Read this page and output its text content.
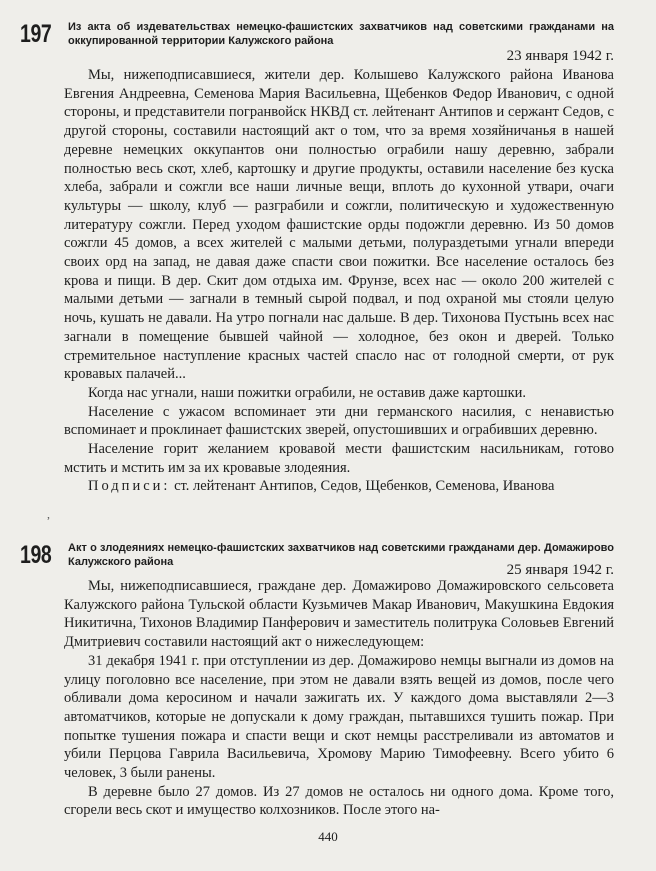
197 Из акта об издевательствах немецко-фашистских захватчиков над советскими гражданами на оккупированной территории Калужского района
23 января 1942 г.

Мы, нижеподписавшиеся, жители дер. Колышево Калужского района Иванова Евгения Андреевна, Семенова Мария Васильевна, Щебенков Федор Иванович, с одной стороны, и представители погранвойск НКВД ст. лейтенант Антипов и сержант Седов, с другой стороны, составили настоящий акт о том, что за время хозяйничанья в нашей деревне немецких оккупантов они полностью ограбили нашу деревню, забрали полностью весь скот, хлеб, картошку и другие продукты, оставили население без куска хлеба, забрали и сожгли все наши личные вещи, вплоть до кухонной утвари, очаги культуры — школу, клуб — разграбили и сожгли, политическую и художественную литературу сожгли. Перед уходом фашистские орды подожгли деревню. Из 50 домов сожгли 45 домов, а всех жителей с малыми детьми, полураздетыми угнали впереди своих орд на запад, не давая даже спасти свои пожитки. Все население осталось без крова и пищи. В дер. Скит дом отдыха им. Фрунзе, всех нас — около 200 жителей с малыми детьми — загнали в темный сырой подвал, и под охраной мы стояли целую ночь, кушать не давали. На утро погнали нас дальше. В дер. Тихонова Пустынь всех нас загнали в помещение бывшей чайной — холодное, без окон и дверей. Только стремительное наступление красных частей спасло нас от голодной смерти, от рук кровавых палачей...

Когда нас угнали, наши пожитки ограбили, не оставив даже картошки.

Население с ужасом вспоминает эти дни германского насилия, с ненавистью вспоминает и проклинает фашистских зверей, опустошивших и ограбивших деревню.

Население горит желанием кровавой мести фашистским насильникам, готово мстить и мстить им за их кровавые злодеяния.

Подписи: ст. лейтенант Антипов, Седов, Щебенков, Семенова, Иванова

,
198 Акт о злодеяниях немецко-фашистских захватчиков над советскими гражданами дер. Домажирово Калужского района	25 января 1942 г.

Мы, нижеподписавшиеся, граждане дер. Домажирово Домажировского сельсовета Калужского района Тульской области Кузьмичев Макар Иванович, Макушкина Евдокия Никитична, Тихонов Владимир Панферович и заместитель политрука Соловьев Евгений Дмитриевич составили настоящий акт о нижеследующем:

31 декабря 1941 г. при отступлении из дер. Домажирово немцы выгнали из домов на улицу поголовно все население, при этом не давали взять вещей из домов, после чего обливали дома керосином и начали зажигать их. У каждого дома выставляли 2—3 автоматчиков, которые не допускали к дому граждан, пытавшихся тушить пожар. При попытке тушения пожара и спасти вещи и скот немцы расстреливали из автоматов и убили Перцова Гаврила Васильевича, Хромову Марию Тимофеевну. Всего убито 6 человек, 3 были ранены.

В деревне было 27 домов. Из 27 домов не осталось ни одного дома. Кроме того, сгорели весь скот и имущество колхозников. После этого на-

440
